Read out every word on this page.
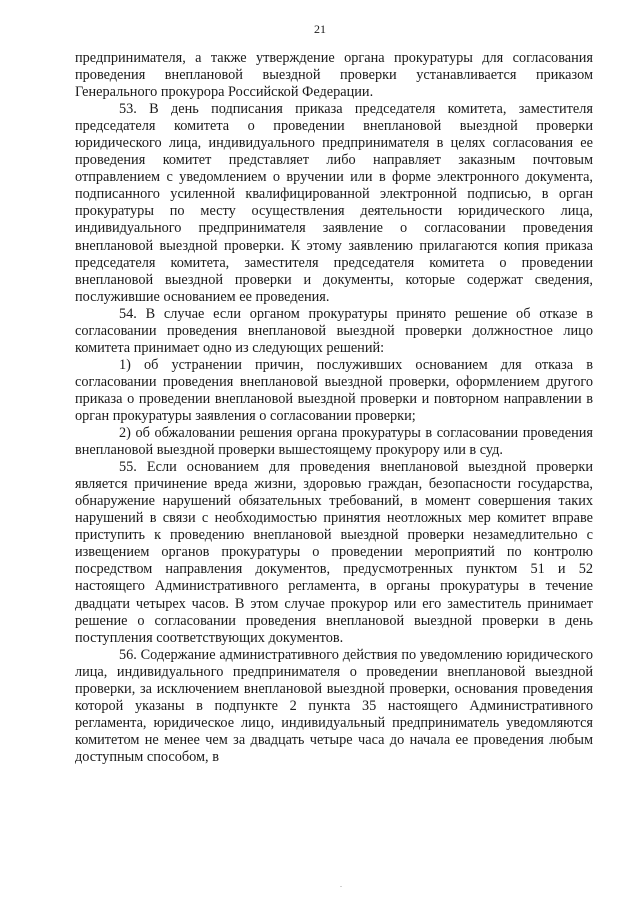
21

предпринимателя, а также утверждение органа прокуратуры для согласования проведения внеплановой выездной проверки устанавливается приказом Генерального прокурора Российской Федерации.

53. В день подписания приказа председателя комитета, заместителя председателя комитета о проведении внеплановой выездной проверки юридического лица, индивидуального предпринимателя в целях согласования ее проведения комитет представляет либо направляет заказным почтовым отправлением с уведомлением о вручении или в форме электронного документа, подписанного усиленной квалифицированной электронной подписью, в орган прокуратуры по месту осуществления деятельности юридического лица, индивидуального предпринимателя заявление о согласовании проведения внеплановой выездной проверки. К этому заявлению прилагаются копия приказа председателя комитета, заместителя председателя комитета о проведении внеплановой выездной проверки и документы, которые содержат сведения, послужившие основанием ее проведения.

54. В случае если органом прокуратуры принято решение об отказе в согласовании проведения внеплановой выездной проверки должностное лицо комитета принимает одно из следующих решений:

1) об устранении причин, послуживших основанием для отказа в согласовании проведения внеплановой выездной проверки, оформлением другого приказа о проведении внеплановой выездной проверки и повторном направлении в орган прокуратуры заявления о согласовании проверки;

2) об обжаловании решения органа прокуратуры в согласовании проведения внеплановой выездной проверки вышестоящему прокурору или в суд.

55. Если основанием для проведения внеплановой выездной проверки является причинение вреда жизни, здоровью граждан, безопасности государства, обнаружение нарушений обязательных требований, в момент совершения таких нарушений в связи с необходимостью принятия неотложных мер комитет вправе приступить к проведению внеплановой выездной проверки незамедлительно с извещением органов прокуратуры о проведении мероприятий по контролю посредством направления документов, предусмотренных пунктом 51 и 52 настоящего Административного регламента, в органы прокуратуры в течение двадцати четырех часов. В этом случае прокурор или его заместитель принимает решение о согласовании проведения внеплановой выездной проверки в день поступления соответствующих документов.

56. Содержание административного действия по уведомлению юридического лица, индивидуального предпринимателя о проведении внеплановой выездной проверки, за исключением внеплановой выездной проверки, основания проведения которой указаны в подпункте 2 пункта 35 настоящего Административного регламента, юридическое лицо, индивидуальный предприниматель уведомляются комитетом не менее чем за двадцать четыре часа до начала ее проведения любым доступным способом, в

.
